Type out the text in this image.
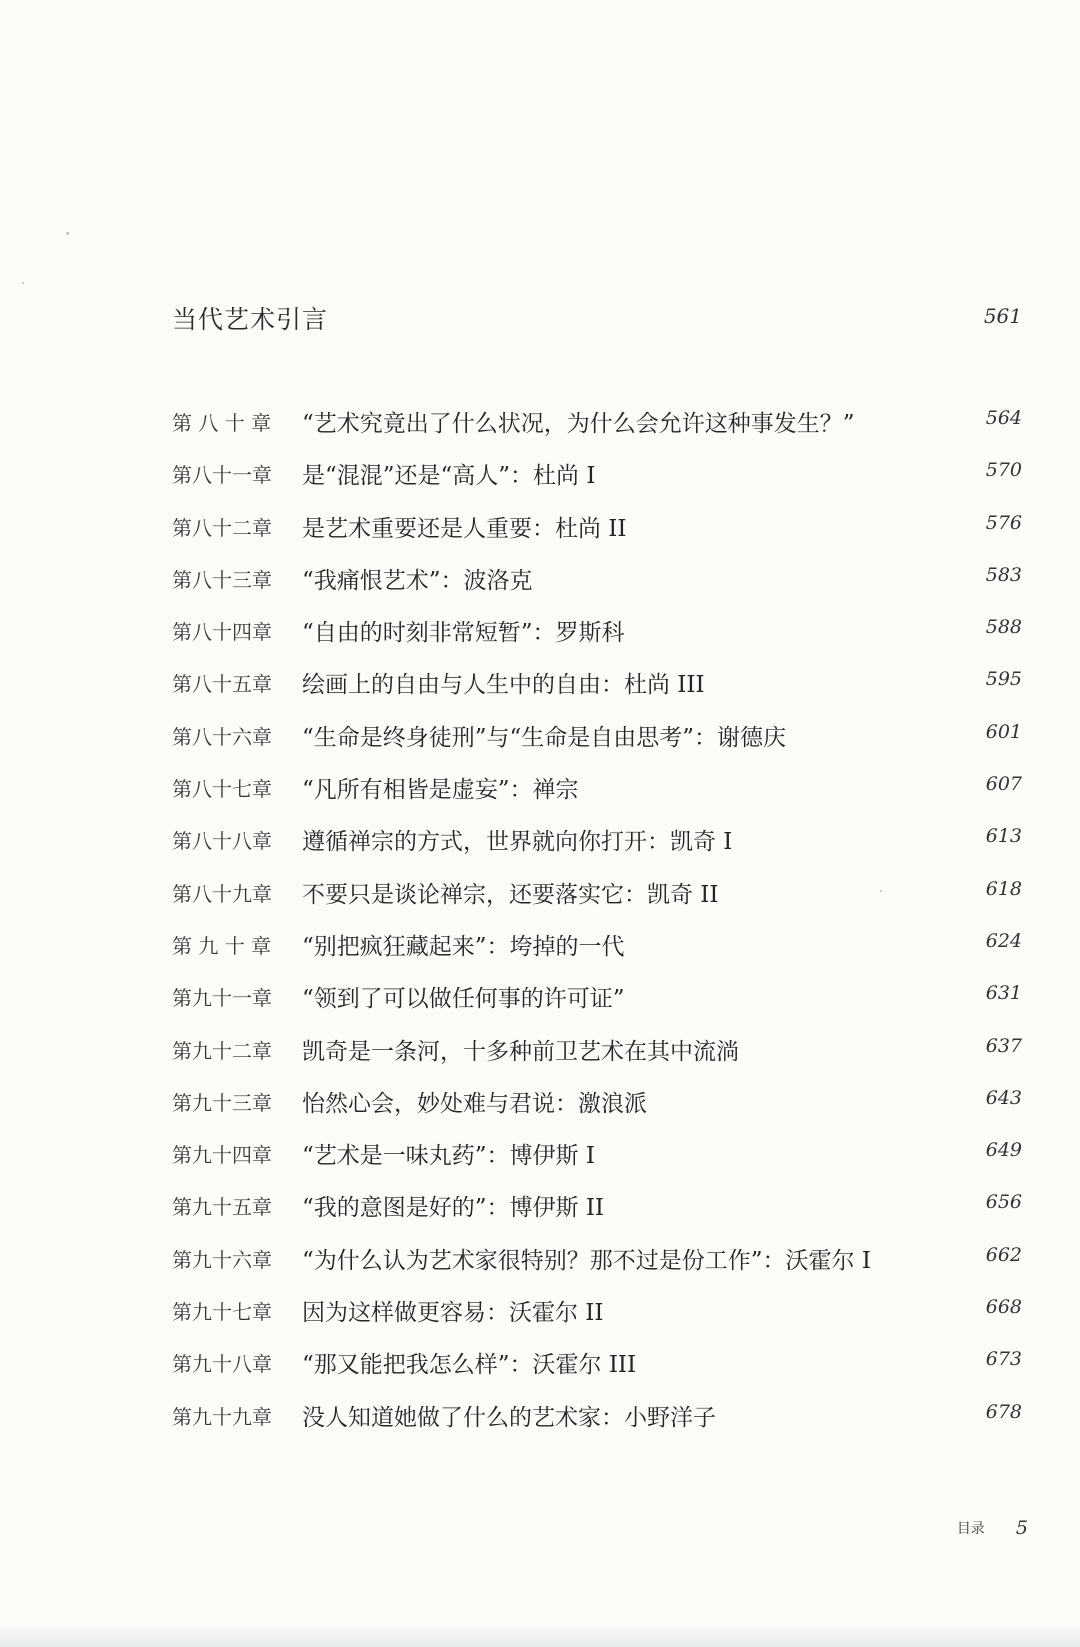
当代艺术引言	561
第 八 十 章	“艺术究竟出了什么状况，为什么会允许这种事发生？”	564
第八十一章	是“混混”还是“高人”：杜尚 I	570
第八十二章	是艺术重要还是人重要：杜尚 II	576
第八十三章	“我痛恨艺术”：波洛克	583
第八十四章	“自由的时刻非常短暂”：罗斯科	588
第八十五章	绘画上的自由与人生中的自由：杜尚 III	595
第八十六章	“生命是终身徒刑”与“生命是自由思考”：谢德庆	601
第八十七章	“凡所有相皆是虚妄”：禅宗	607
第八十八章	遵循禅宗的方式，世界就向你打开：凯奇 I	613
第八十九章	不要只是谈论禅宗，还要落实它：凯奇 II	618
第 九 十 章	“别把疯狂藏起来”：垮掉的一代	624
第九十一章	“领到了可以做任何事的许可证”	631
第九十二章	凯奇是一条河，十多种前卫艺术在其中流淌	637
第九十三章	怡然心会，妙处难与君说：激浪派	643
第九十四章	“艺术是一味丸药”：博伊斯 I	649
第九十五章	“我的意图是好的”：博伊斯 II	656
第九十六章	“为什么认为艺术家很特别？那不过是份工作”：沃霍尔 I	662
第九十七章	因为这样做更容易：沃霍尔 II	668
第九十八章	“那又能把我怎么样”：沃霍尔 III	673
第九十九章	没人知道她做了什么的艺术家：小野洋子	678
目录 5
